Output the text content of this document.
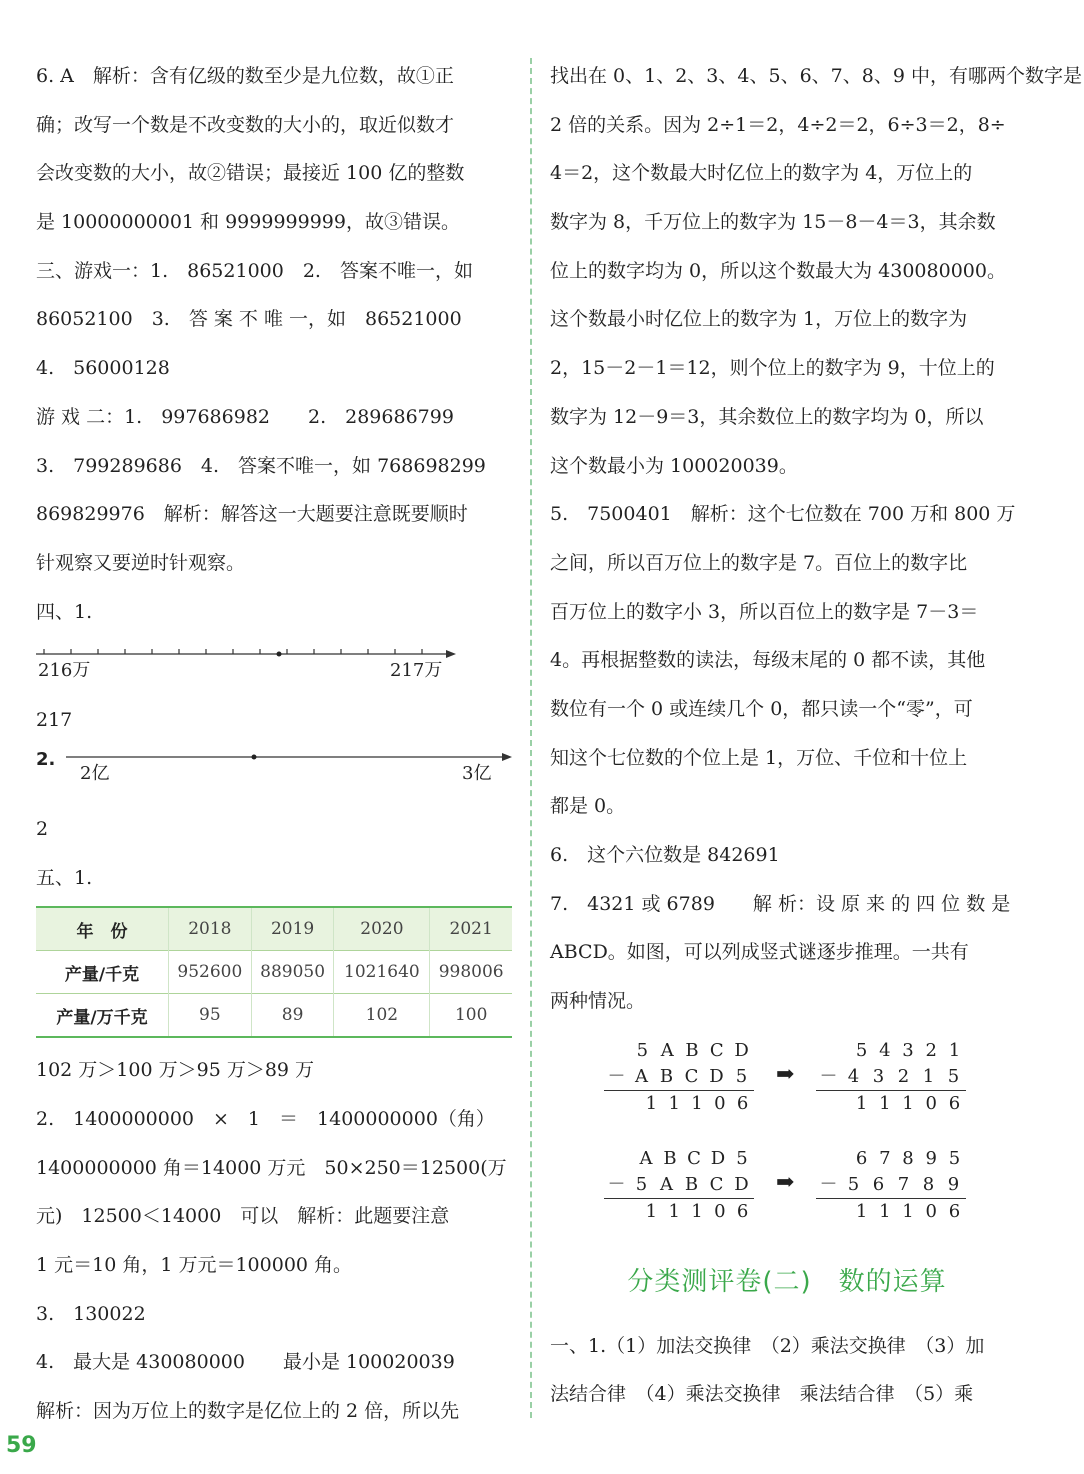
6. A　解析：含有亿级的数至少是九位数，故①正
确；改写一个数是不改变数的大小的，取近似数才
会改变数的大小，故②错误；最接近 100 亿的整数
是 10000000001 和 9999999999，故③错误。
三、游戏一：1.　86521000　2.　答案不唯一，如
86052100　3.　答 案 不 唯 一，如　86521000
4.　56000128
游 戏 二：1.　997686982　　2.　289686799
3.　799289686　4.　答案不唯一，如 768698299
869829976　解析：解答这一大题要注意既要顺时
针观察又要逆时针观察。
四、1.
216万	217万
217
2.
2亿	3亿
2
五、1.
年　份	2018	2019	2020	2021
产量/千克	952600	889050	1021640	998006
产量/万千克	95	89	102	100
102 万＞100 万＞95 万＞89 万
2.　1400000000　×　1　＝　1400000000（角）
1400000000 角＝14000 万元　50×250＝12500(万
元)　12500＜14000　可以　解析：此题要注意
1 元＝10 角，1 万元＝100000 角。
3.　130022
4.　最大是 430080000　　最小是 100020039
解析：因为万位上的数字是亿位上的 2 倍，所以先
找出在 0、1、2、3、4、5、6、7、8、9 中，有哪两个数字是
2 倍的关系。因为 2÷1＝2，4÷2＝2，6÷3＝2，8÷
4＝2，这个数最大时亿位上的数字为 4，万位上的
数字为 8，千万位上的数字为 15－8－4＝3，其余数
位上的数字均为 0，所以这个数最大为 430080000。
这个数最小时亿位上的数字为 1，万位上的数字为
2，15－2－1＝12，则个位上的数字为 9，十位上的
数字为 12－9＝3，其余数位上的数字均为 0，所以
这个数最小为 100020039。
5.　7500401　解析：这个七位数在 700 万和 800 万
之间，所以百万位上的数字是 7。百位上的数字比
百万位上的数字小 3，所以百位上的数字是 7－3＝
4。再根据整数的读法，每级末尾的 0 都不读，其他
数位有一个 0 或连续几个 0，都只读一个“零”，可
知这个七位数的个位上是 1，万位、千位和十位上
都是 0。
6.　这个六位数是 842691
7.　4321 或 6789　　解 析：设 原 来 的 四 位 数 是
ABCD。如图，可以列成竖式谜逐步推理。一共有
两种情况。
5 A B C D
－ A B C D 5
1 1 1 0 6
➡
5 4 3 2 1
－ 4 3 2 1 5
1 1 1 0 6
A B C D 5
－ 5 A B C D
1 1 1 0 6
➡
6 7 8 9 5
－ 5 6 7 8 9
1 1 1 0 6
分类测评卷(二)　数的运算
一、1.（1）加法交换律　（2）乘法交换律　（3）加
法结合律　（4）乘法交换律　乘法结合律　（5）乘
59
